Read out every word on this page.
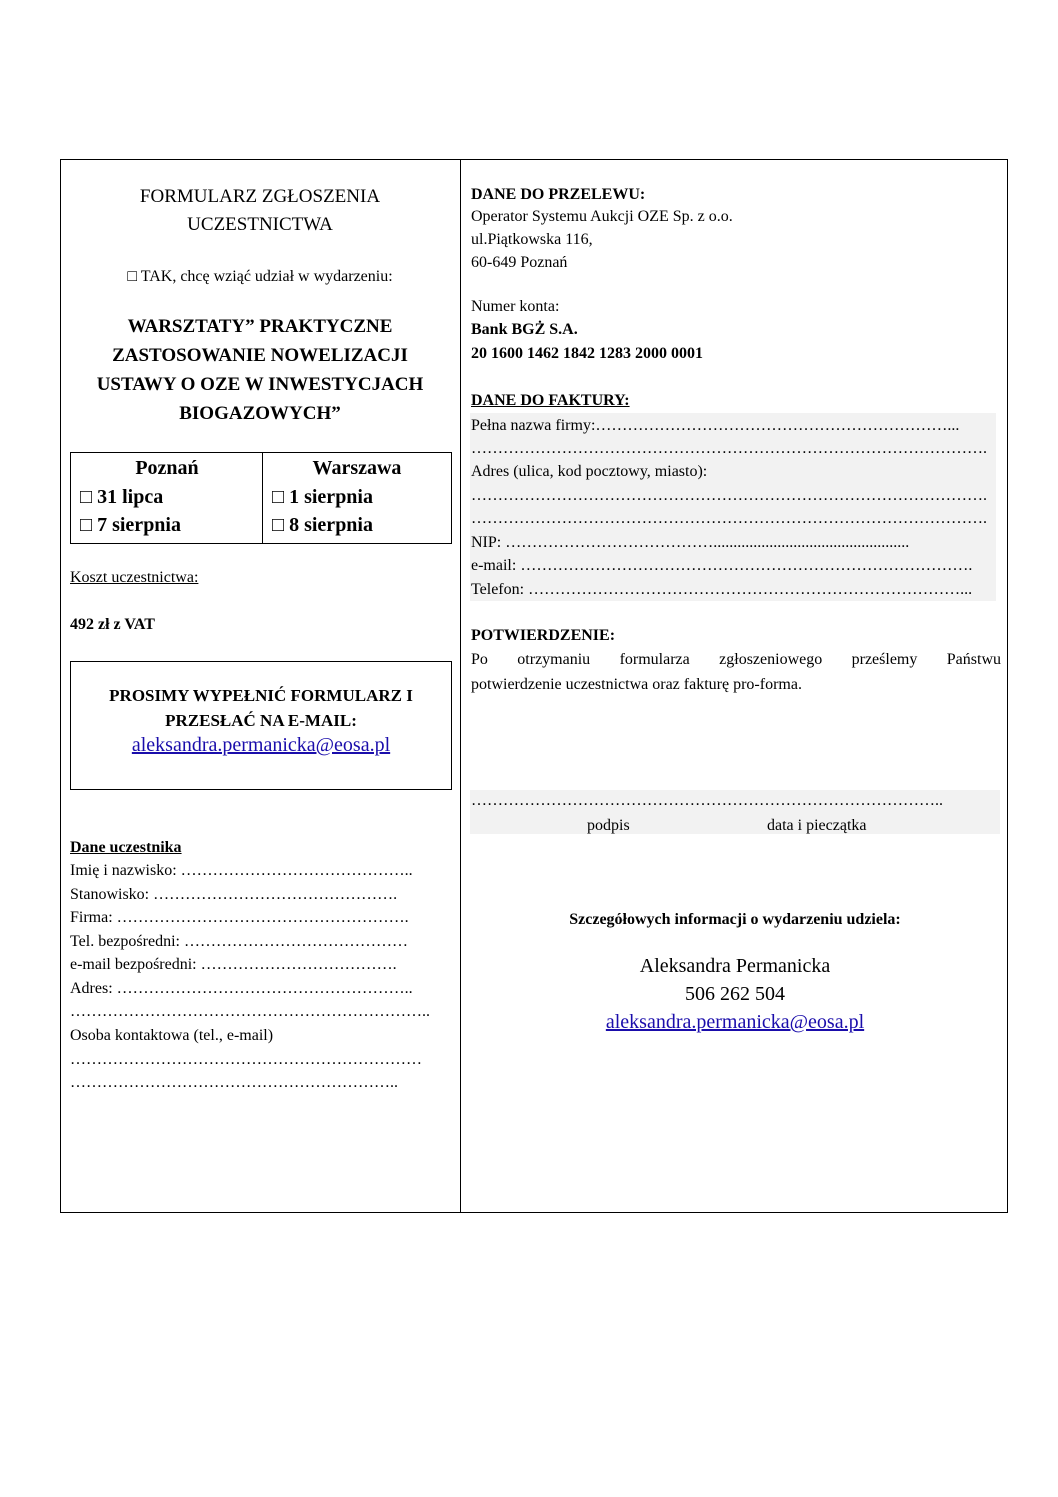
FORMULARZ ZGŁOSZENIA
UCZESTNICTWA
□ TAK, chcę wziąć udział w wydarzeniu:
WARSZTATY” PRAKTYCZNE
ZASTOSOWANIE NOWELIZACJI
USTAWY O OZE W INWESTYCJACH
BIOGAZOWYCH”
Poznań
□ 31 lipca
□ 7 sierpnia
Warszawa
□ 1 sierpnia
□ 8 sierpnia
Koszt uczestnictwa:
492 zł z VAT
PROSIMY WYPEŁNIĆ FORMULARZ I
PRZESŁAĆ NA E-MAIL:
aleksandra.permanicka@eosa.pl
Dane uczestnika
Imię i nazwisko: ……………………………………..
Stanowisko: ……………………………………….
Firma: ……………………………………………….
Tel. bezpośredni: ……………………………………
e-mail bezpośredni: ……………………………….
Adres: ………………………………………………..
…………………………………………………………..
Osoba kontaktowa (tel., e-mail)
…………………………………………………………
……………………………………………………..
DANE DO PRZELEWU:
Operator Systemu Aukcji OZE Sp. z o.o.
ul.Piątkowska 116,
60-649 Poznań
Numer konta:
Bank BGŻ S.A.
20 1600 1462 1842 1283 2000 0001
DANE DO FAKTURY:
Pełna nazwa firmy:…………………………………………………………...
…………………………………………………………………………………….
Adres (ulica, kod pocztowy, miasto):
…………………………………………………………………………………….
…………………………………………………………………………………….
NIP: ………………………………….................................................
e-mail: ………………………………………………………………………….
Telefon: ………………………………………………………………………...
POTWIERDZENIE:
Po otrzymaniu formularza zgłoszeniowego prześlemy Państwu
potwierdzenie uczestnictwa oraz fakturę pro-forma.
……………………………………………………………………………..
podpis	data i pieczątka
Szczegółowych informacji o wydarzeniu udziela:
Aleksandra Permanicka
506 262 504
aleksandra.permanicka@eosa.pl
